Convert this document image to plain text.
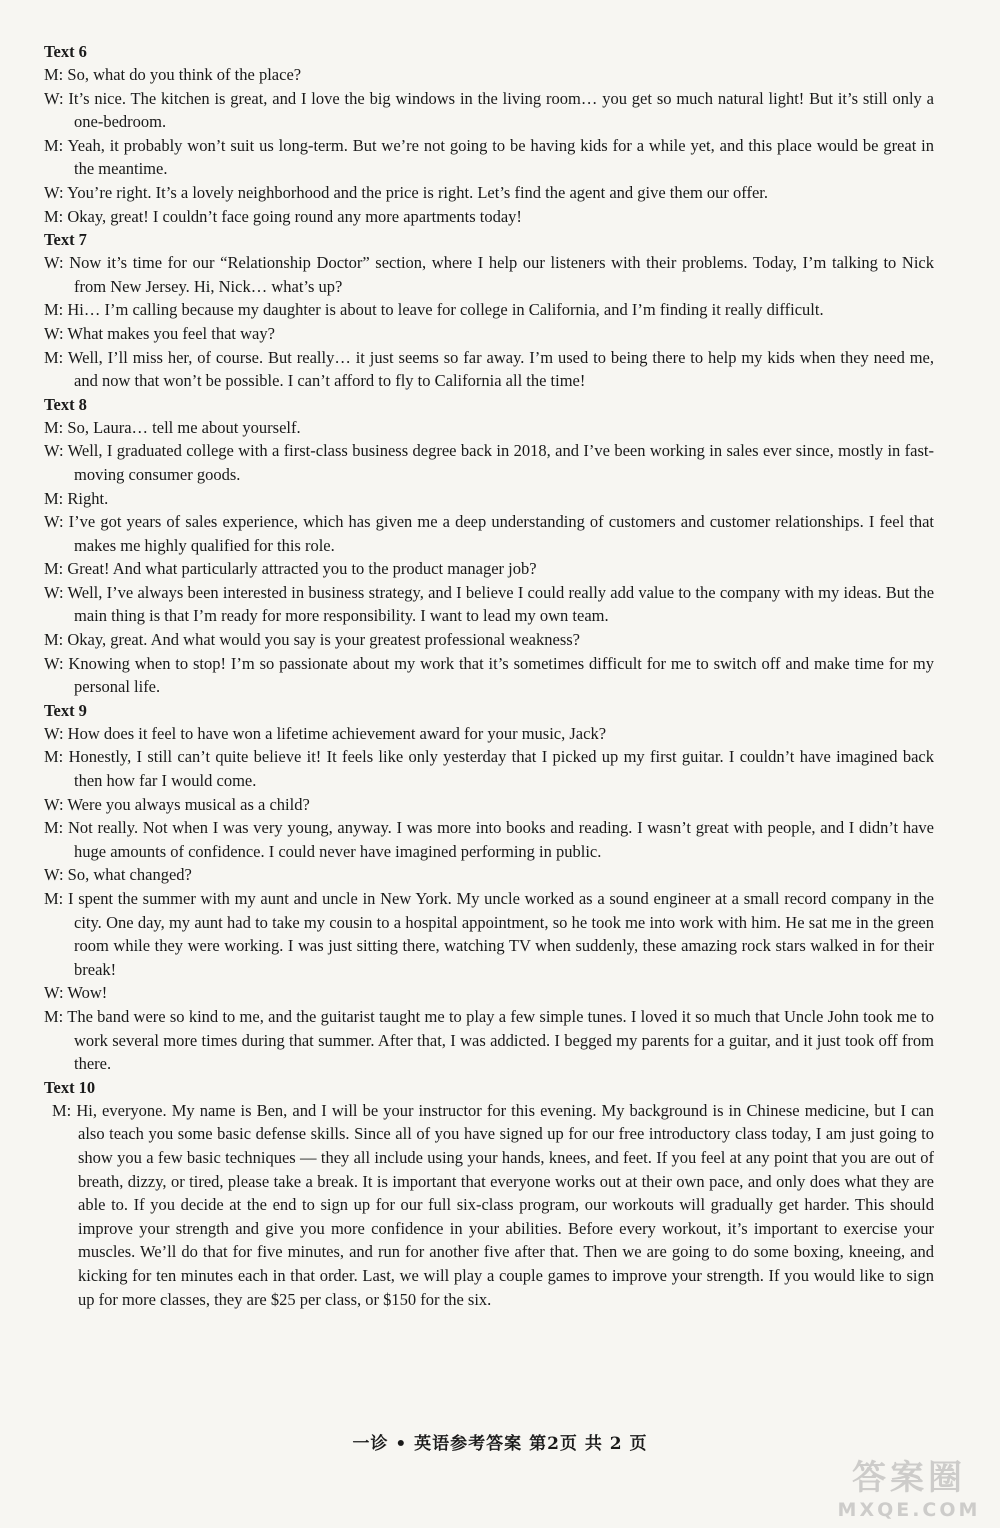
Text 6

M: So, what do you think of the place?

W: It’s nice. The kitchen is great, and I love the big windows in the living room… you get so much natural light! But it’s still only a one-bedroom.

M: Yeah, it probably won’t suit us long-term. But we’re not going to be having kids for a while yet, and this place would be great in the meantime.

W: You’re right. It’s a lovely neighborhood and the price is right. Let’s find the agent and give them our offer.

M: Okay, great! I couldn’t face going round any more apartments today!

Text 7

W: Now it’s time for our “Relationship Doctor” section, where I help our listeners with their problems. Today, I’m talking to Nick from New Jersey. Hi, Nick… what’s up?

M: Hi… I’m calling because my daughter is about to leave for college in California, and I’m finding it really difficult.

W: What makes you feel that way?

M: Well, I’ll miss her, of course. But really… it just seems so far away. I’m used to being there to help my kids when they need me, and now that won’t be possible. I can’t afford to fly to California all the time!

Text 8

M: So, Laura… tell me about yourself.

W: Well, I graduated college with a first-class business degree back in 2018, and I’ve been working in sales ever since, mostly in fast-moving consumer goods.

M: Right.

W: I’ve got years of sales experience, which has given me a deep understanding of customers and customer relationships. I feel that makes me highly qualified for this role.

M: Great! And what particularly attracted you to the product manager job?

W: Well, I’ve always been interested in business strategy, and I believe I could really add value to the company with my ideas. But the main thing is that I’m ready for more responsibility. I want to lead my own team.

M: Okay, great. And what would you say is your greatest professional weakness?

W: Knowing when to stop! I’m so passionate about my work that it’s sometimes difficult for me to switch off and make time for my personal life.

Text 9

W: How does it feel to have won a lifetime achievement award for your music, Jack?

M: Honestly, I still can’t quite believe it! It feels like only yesterday that I picked up my first guitar. I couldn’t have imagined back then how far I would come.

W: Were you always musical as a child?

M: Not really. Not when I was very young, anyway. I was more into books and reading. I wasn’t great with people, and I didn’t have huge amounts of confidence. I could never have imagined performing in public.

W: So, what changed?

M: I spent the summer with my aunt and uncle in New York. My uncle worked as a sound engineer at a small record company in the city. One day, my aunt had to take my cousin to a hospital appointment, so he took me into work with him. He sat me in the green room while they were working. I was just sitting there, watching TV when suddenly, these amazing rock stars walked in for their break!

W: Wow!

M: The band were so kind to me, and the guitarist taught me to play a few simple tunes. I loved it so much that Uncle John took me to work several more times during that summer. After that, I was addicted. I begged my parents for a guitar, and it just took off from there.

Text 10

M: Hi, everyone. My name is Ben, and I will be your instructor for this evening. My background is in Chinese medicine, but I can also teach you some basic defense skills. Since all of you have signed up for our free introductory class today, I am just going to show you a few basic techniques — they all include using your hands, knees, and feet. If you feel at any point that you are out of breath, dizzy, or tired, please take a break. It is important that everyone works out at their own pace, and only does what they are able to. If you decide at the end to sign up for our full six-class program, our workouts will gradually get harder. This should improve your strength and give you more confidence in your abilities. Before every workout, it’s important to exercise your muscles. We’ll do that for five minutes, and run for another five after that. Then we are going to do some boxing, kneeing, and kicking for ten minutes each in that order. Last, we will play a couple games to improve your strength. If you would like to sign up for more classes, they are $25 per class, or $150 for the six.

一诊 • 英语参考答案 第2页 共 2 页
答案圈
MXQE.COM
